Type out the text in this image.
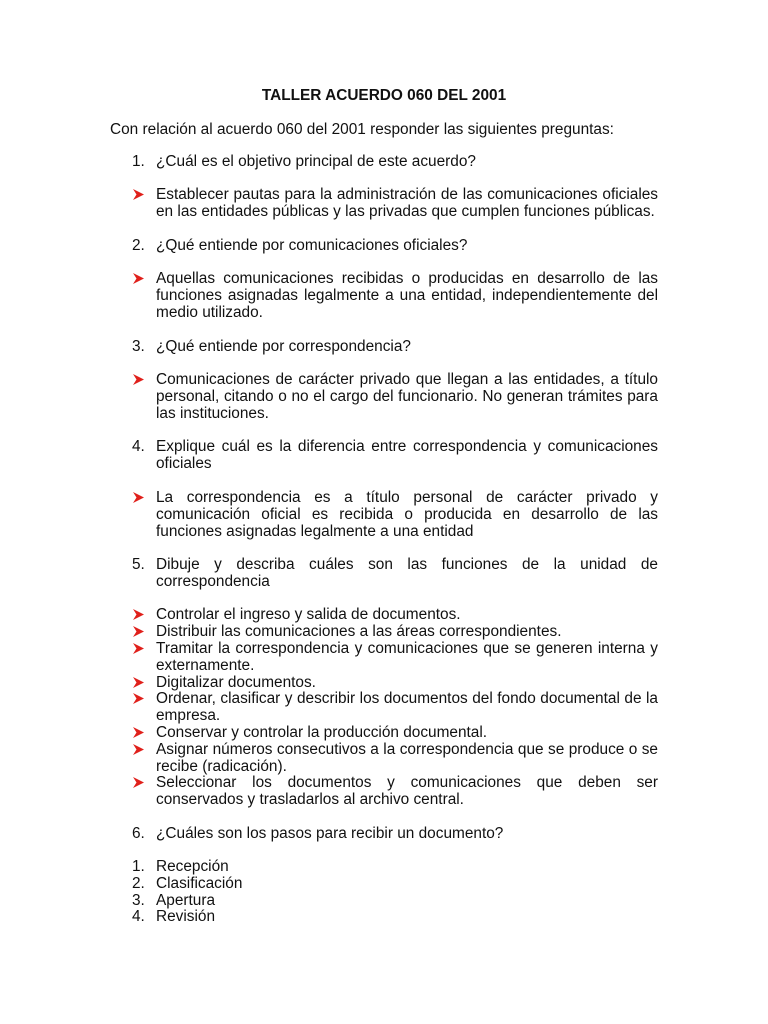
TALLER ACUERDO 060 DEL 2001
Con relación al acuerdo 060 del 2001 responder las siguientes preguntas:
1. ¿Cuál es el objetivo principal de este acuerdo?
Establecer pautas para la administración de las comunicaciones oficiales en las entidades públicas y las privadas que cumplen funciones públicas.
2. ¿Qué entiende por comunicaciones oficiales?
Aquellas comunicaciones recibidas o producidas en desarrollo de las funciones asignadas legalmente a una entidad, independientemente del medio utilizado.
3. ¿Qué entiende por correspondencia?
Comunicaciones de carácter privado que llegan a las entidades, a título personal, citando o no el cargo del funcionario. No generan trámites para las instituciones.
4. Explique cuál es la diferencia entre correspondencia y comunicaciones oficiales
La correspondencia es a título personal de carácter privado y comunicación oficial es recibida o producida en desarrollo de las funciones asignadas legalmente a una entidad
5. Dibuje y describa cuáles son las funciones de la unidad de correspondencia
Controlar el ingreso y salida de documentos.
Distribuir las comunicaciones a las áreas correspondientes.
Tramitar la correspondencia y comunicaciones que se generen interna y externamente.
Digitalizar documentos.
Ordenar, clasificar y describir los documentos del fondo documental de la empresa.
Conservar y controlar la producción documental.
Asignar números consecutivos a la correspondencia que se produce o se recibe (radicación).
Seleccionar los documentos y comunicaciones que deben ser conservados y trasladarlos al archivo central.
6. ¿Cuáles son los pasos para recibir un documento?
1. Recepción
2. Clasificación
3. Apertura
4. Revisión
